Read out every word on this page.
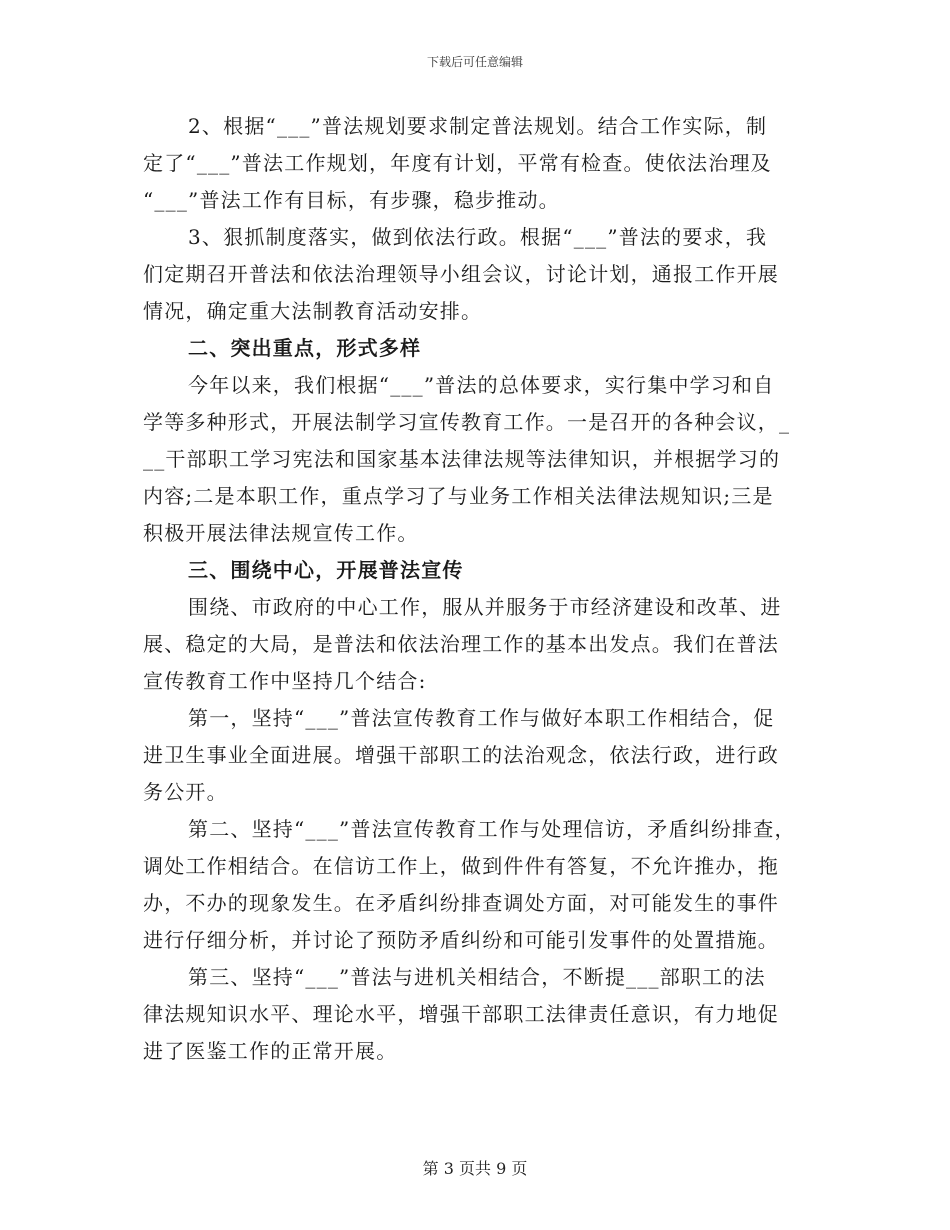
下载后可任意编辑
2、根据“___”普法规划要求制定普法规划。结合工作实际，制
定了“___”普法工作规划，年度有计划，平常有检查。使依法治理及
“___”普法工作有目标，有步骤，稳步推动。
3、狠抓制度落实，做到依法行政。根据“___”普法的要求，我
们定期召开普法和依法治理领导小组会议，讨论计划，通报工作开展
情况，确定重大法制教育活动安排。
二、突出重点，形式多样
今年以来，我们根据“___”普法的总体要求，实行集中学习和自
学等多种形式，开展法制学习宣传教育工作。一是召开的各种会议，_
__干部职工学习宪法和国家基本法律法规等法律知识，并根据学习的
内容;二是本职工作，重点学习了与业务工作相关法律法规知识;三是
积极开展法律法规宣传工作。
三、围绕中心，开展普法宣传
围绕、市政府的中心工作，服从并服务于市经济建设和改革、进
展、稳定的大局，是普法和依法治理工作的基本出发点。我们在普法
宣传教育工作中坚持几个结合:
第一，坚持“___”普法宣传教育工作与做好本职工作相结合，促
进卫生事业全面进展。增强干部职工的法治观念，依法行政，进行政
务公开。
第二、坚持“___”普法宣传教育工作与处理信访，矛盾纠纷排查，
调处工作相结合。在信访工作上，做到件件有答复，不允许推办，拖
办，不办的现象发生。在矛盾纠纷排查调处方面，对可能发生的事件
进行仔细分析，并讨论了预防矛盾纠纷和可能引发事件的处置措施。
第三、坚持“___”普法与进机关相结合，不断提___部职工的法
律法规知识水平、理论水平，增强干部职工法律责任意识，有力地促
进了医鉴工作的正常开展。
第 3 页共 9 页
